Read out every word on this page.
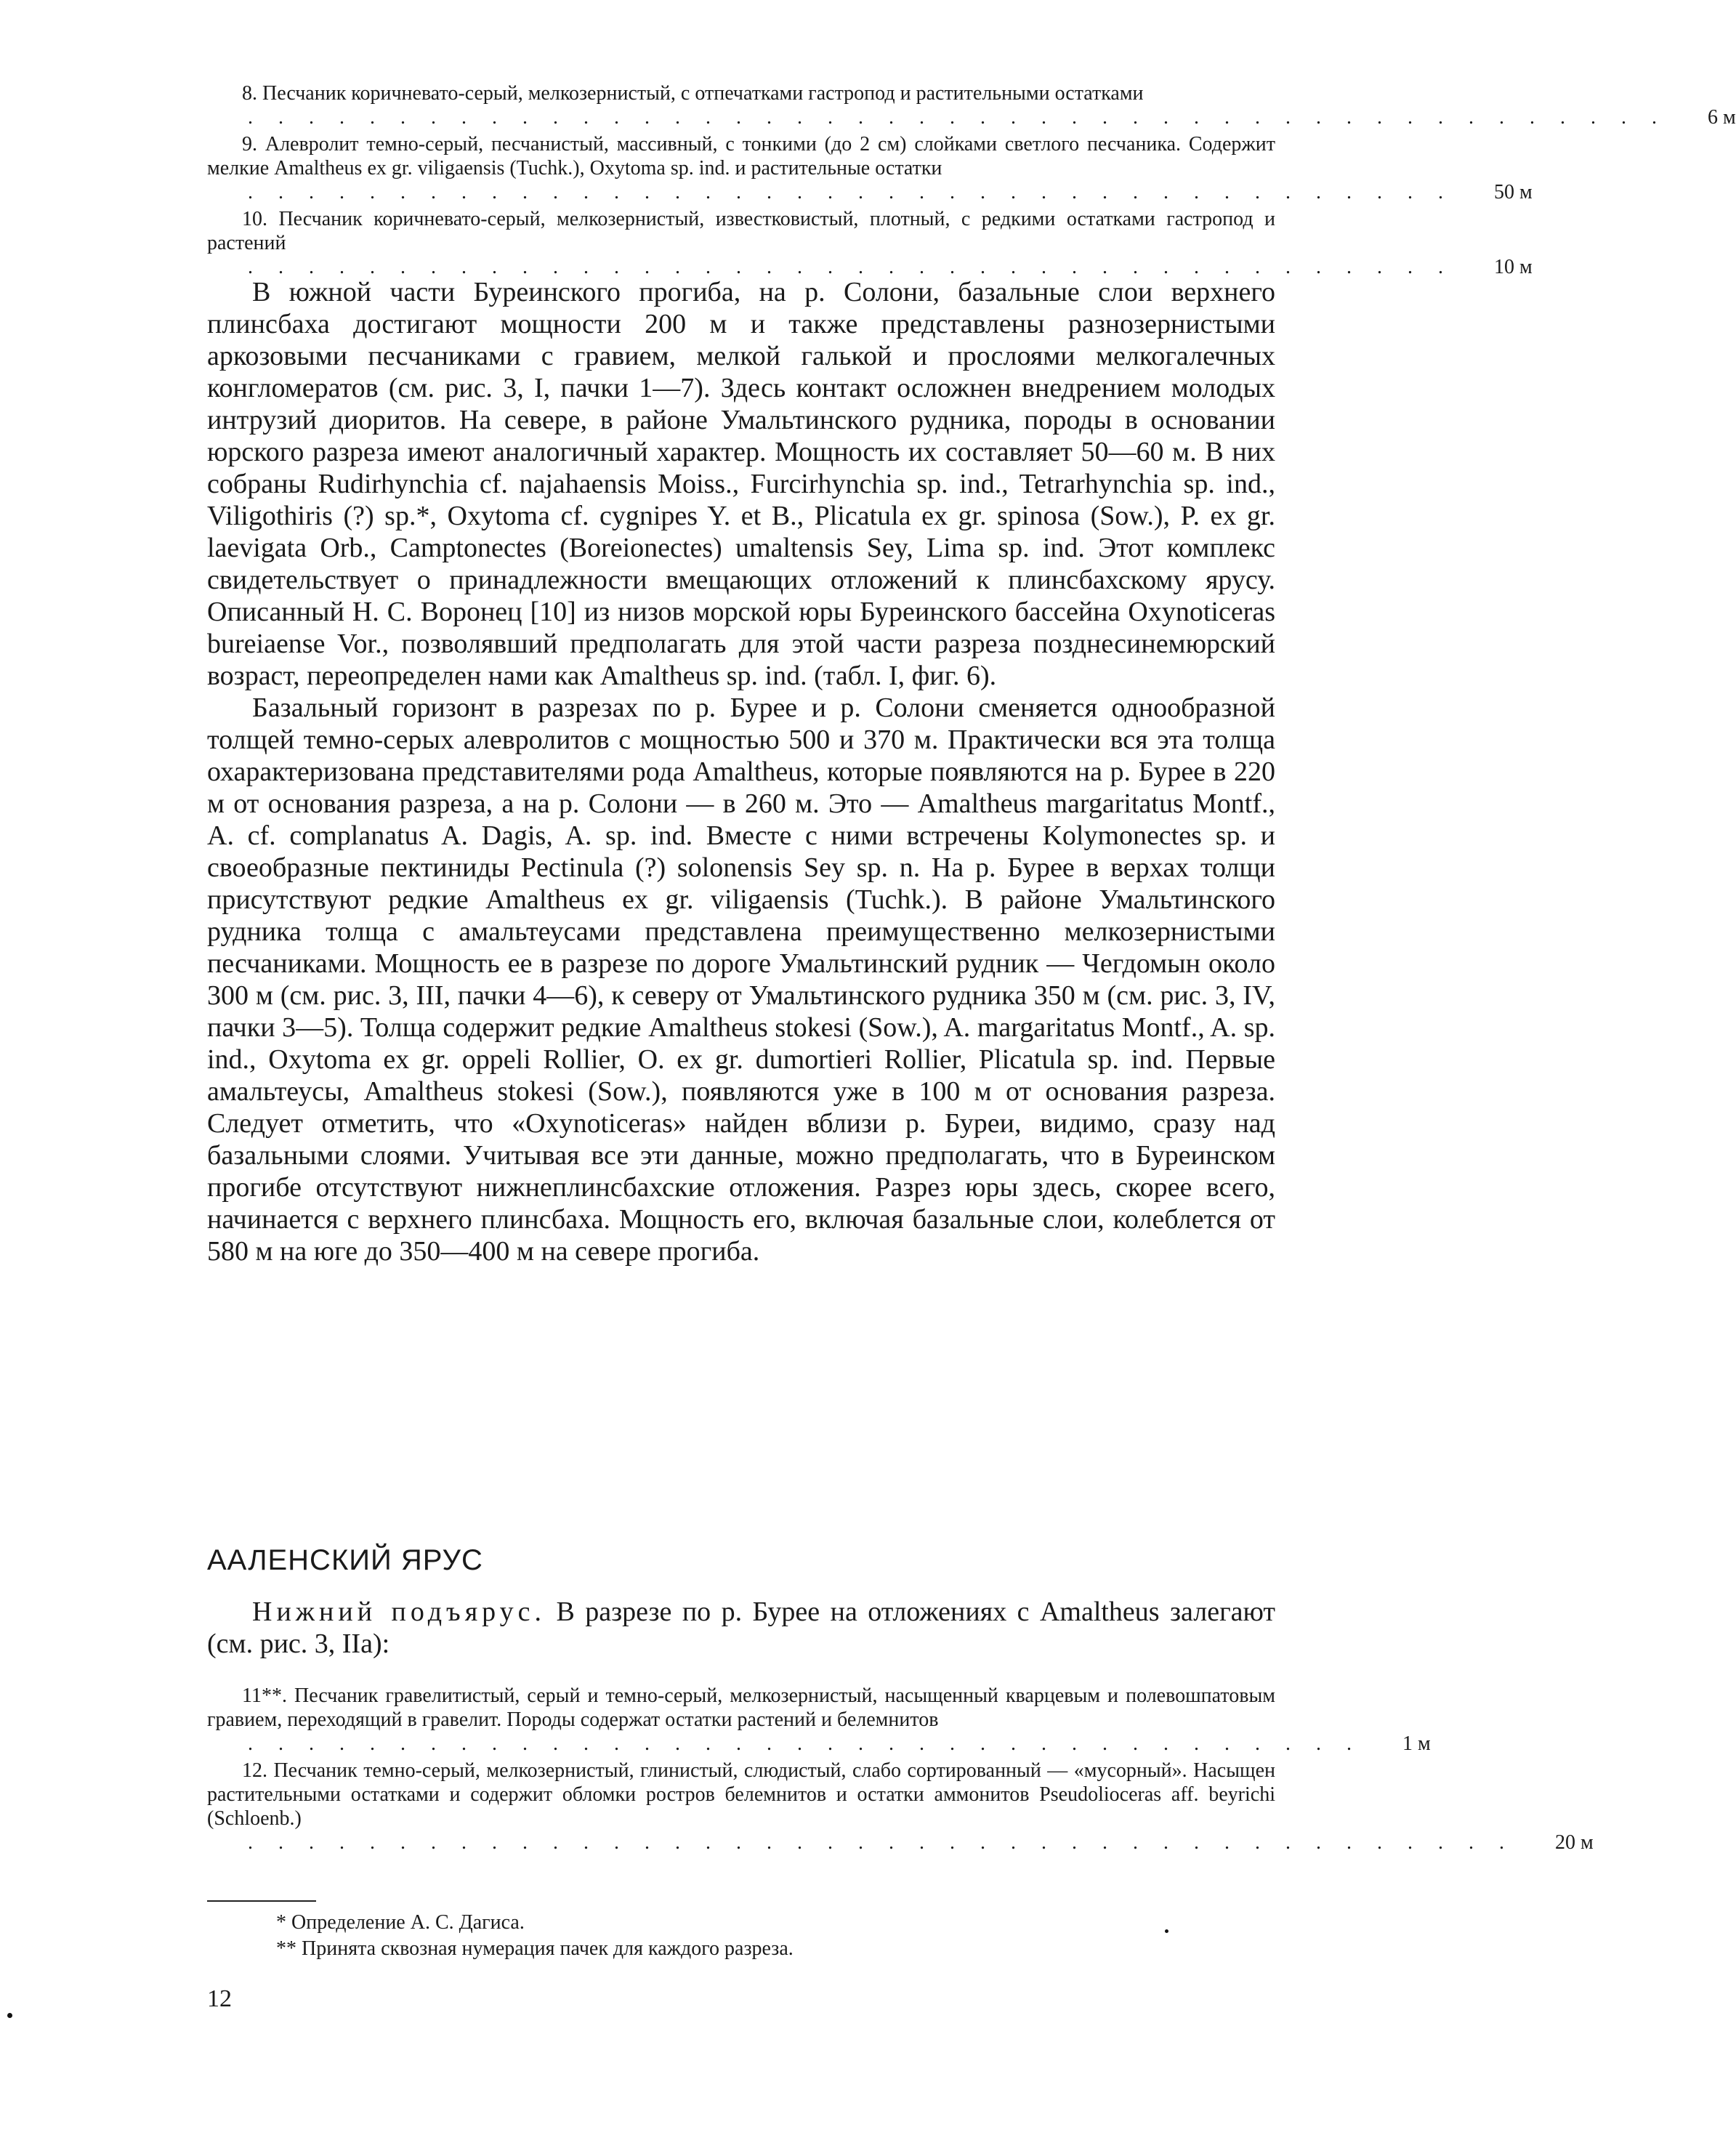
8. Песчаник коричневато-серый, мелкозернистый, с отпечатками гастропод и растительными остатками
. . . . . . . . . . . . . . . . . . . . . . . . . . . . . . . . . . . . . . . . . . . . . . .	6 м

9. Алевролит темно-серый, песчанистый, массивный, с тонкими (до 2 см) слойками светлого песчаника. Содержит мелкие Amaltheus ex gr. viligaensis (Tuchk.), Oxytoma sp. ind. и растительные остатки
. . . . . . . . . . . . . . . . . . . . . . . . . . . . . . . . . . . . . . . .	50 м

10. Песчаник коричневато-серый, мелкозернистый, известковистый, плотный, с редкими остатками гастропод и растений
. . . . . . . . . . . . . . . . . . . . . . . . . . . . . . . . . . . . . . . .	10 м

В южной части Буреинского прогиба, на р. Солони, базальные слои верхнего плинсбаха достигают мощности 200 м и также представлены разнозернистыми аркозовыми песчаниками с гравием, мелкой галькой и прослоями мелкогалечных конгломератов (см. рис. 3, I, пачки 1—7). Здесь контакт осложнен внедрением молодых интрузий диоритов. На севере, в районе Умальтинского рудника, породы в основании юрского разреза имеют аналогичный характер. Мощность их составляет 50—60 м. В них собраны Rudirhynchia cf. najahaensis Moiss., Furcirhynchia sp. ind., Tetrarhynchia sp. ind., Viligothiris (?) sp.*, Oxytoma cf. cygnipes Y. et B., Plicatula ex gr. spinosa (Sow.), P. ex gr. laevigata Orb., Camptonectes (Boreionectes) umaltensis Sey, Lima sp. ind. Этот комплекс свидетельствует о принадлежности вмещающих отложений к плинсбахскому ярусу. Описанный Н. С. Воронец [10] из низов морской юры Буреинского бассейна Oxynoticeras bureiaense Vor., позволявший предполагать для этой части разреза позднесинемюрский возраст, переопределен нами как Amaltheus sp. ind. (табл. I, фиг. 6).

Базальный горизонт в разрезах по р. Бурее и р. Солони сменяется однообразной толщей темно-серых алевролитов с мощностью 500 и 370 м. Практически вся эта толща охарактеризована представителями рода Amaltheus, которые появляются на р. Бурее в 220 м от основания разреза, а на р. Солони — в 260 м. Это — Amaltheus margaritatus Montf., A. cf. complanatus A. Dagis, A. sp. ind. Вместе с ними встречены Kolymonectes sp. и своеобразные пектиниды Pectinula (?) solonensis Sey sp. n. На р. Бурее в верхах толщи присутствуют редкие Amaltheus ex gr. viligaensis (Tuchk.). В районе Умальтинского рудника толща с амальтеусами представлена преимущественно мелкозернистыми песчаниками. Мощность ее в разрезе по дороге Умальтинский рудник — Чегдомын около 300 м (см. рис. 3, III, пачки 4—6), к северу от Умальтинского рудника 350 м (см. рис. 3, IV, пачки 3—5). Толща содержит редкие Amaltheus stokesi (Sow.), A. margaritatus Montf., A. sp. ind., Oxytoma ex gr. oppeli Rollier, O. ex gr. dumortieri Rollier, Plicatula sp. ind. Первые амальтеусы, Amaltheus stokesi (Sow.), появляются уже в 100 м от основания разреза. Следует отметить, что «Oxynoticeras» найден вблизи р. Буреи, видимо, сразу над базальными слоями. Учитывая все эти данные, можно предполагать, что в Буреинском прогибе отсутствуют нижнеплинсбахские отложения. Разрез юры здесь, скорее всего, начинается с верхнего плинсбаха. Мощность его, включая базальные слои, колеблется от 580 м на юге до 350—400 м на севере прогиба.

ААЛЕНСКИЙ ЯРУС

Нижний подъярус. В разрезе по р. Бурее на отложениях с Amaltheus залегают (см. рис. 3, IIа):

11**. Песчаник гравелитистый, серый и темно-серый, мелкозернистый, насыщенный кварцевым и полевошпатовым гравием, переходящий в гравелит. Породы содержат остатки растений и белемнитов
. . . . . . . . . . . . . . . . . . . . . . . . . . . . . . . . . . . . .	1 м

12. Песчаник темно-серый, мелкозернистый, глинистый, слюдистый, слабо сортированный — «мусорный». Насыщен растительными остатками и содержит обломки ростров белемнитов и остатки аммонитов Pseudolioceras aff. beyrichi (Schloenb.)
. . . . . . . . . . . . . . . . . . . . . . . . . . . . . . . . . . . . . . . . . .	20 м

* Определение А. С. Дагиса.
** Принята сквозная нумерация пачек для каждого разреза.
12
